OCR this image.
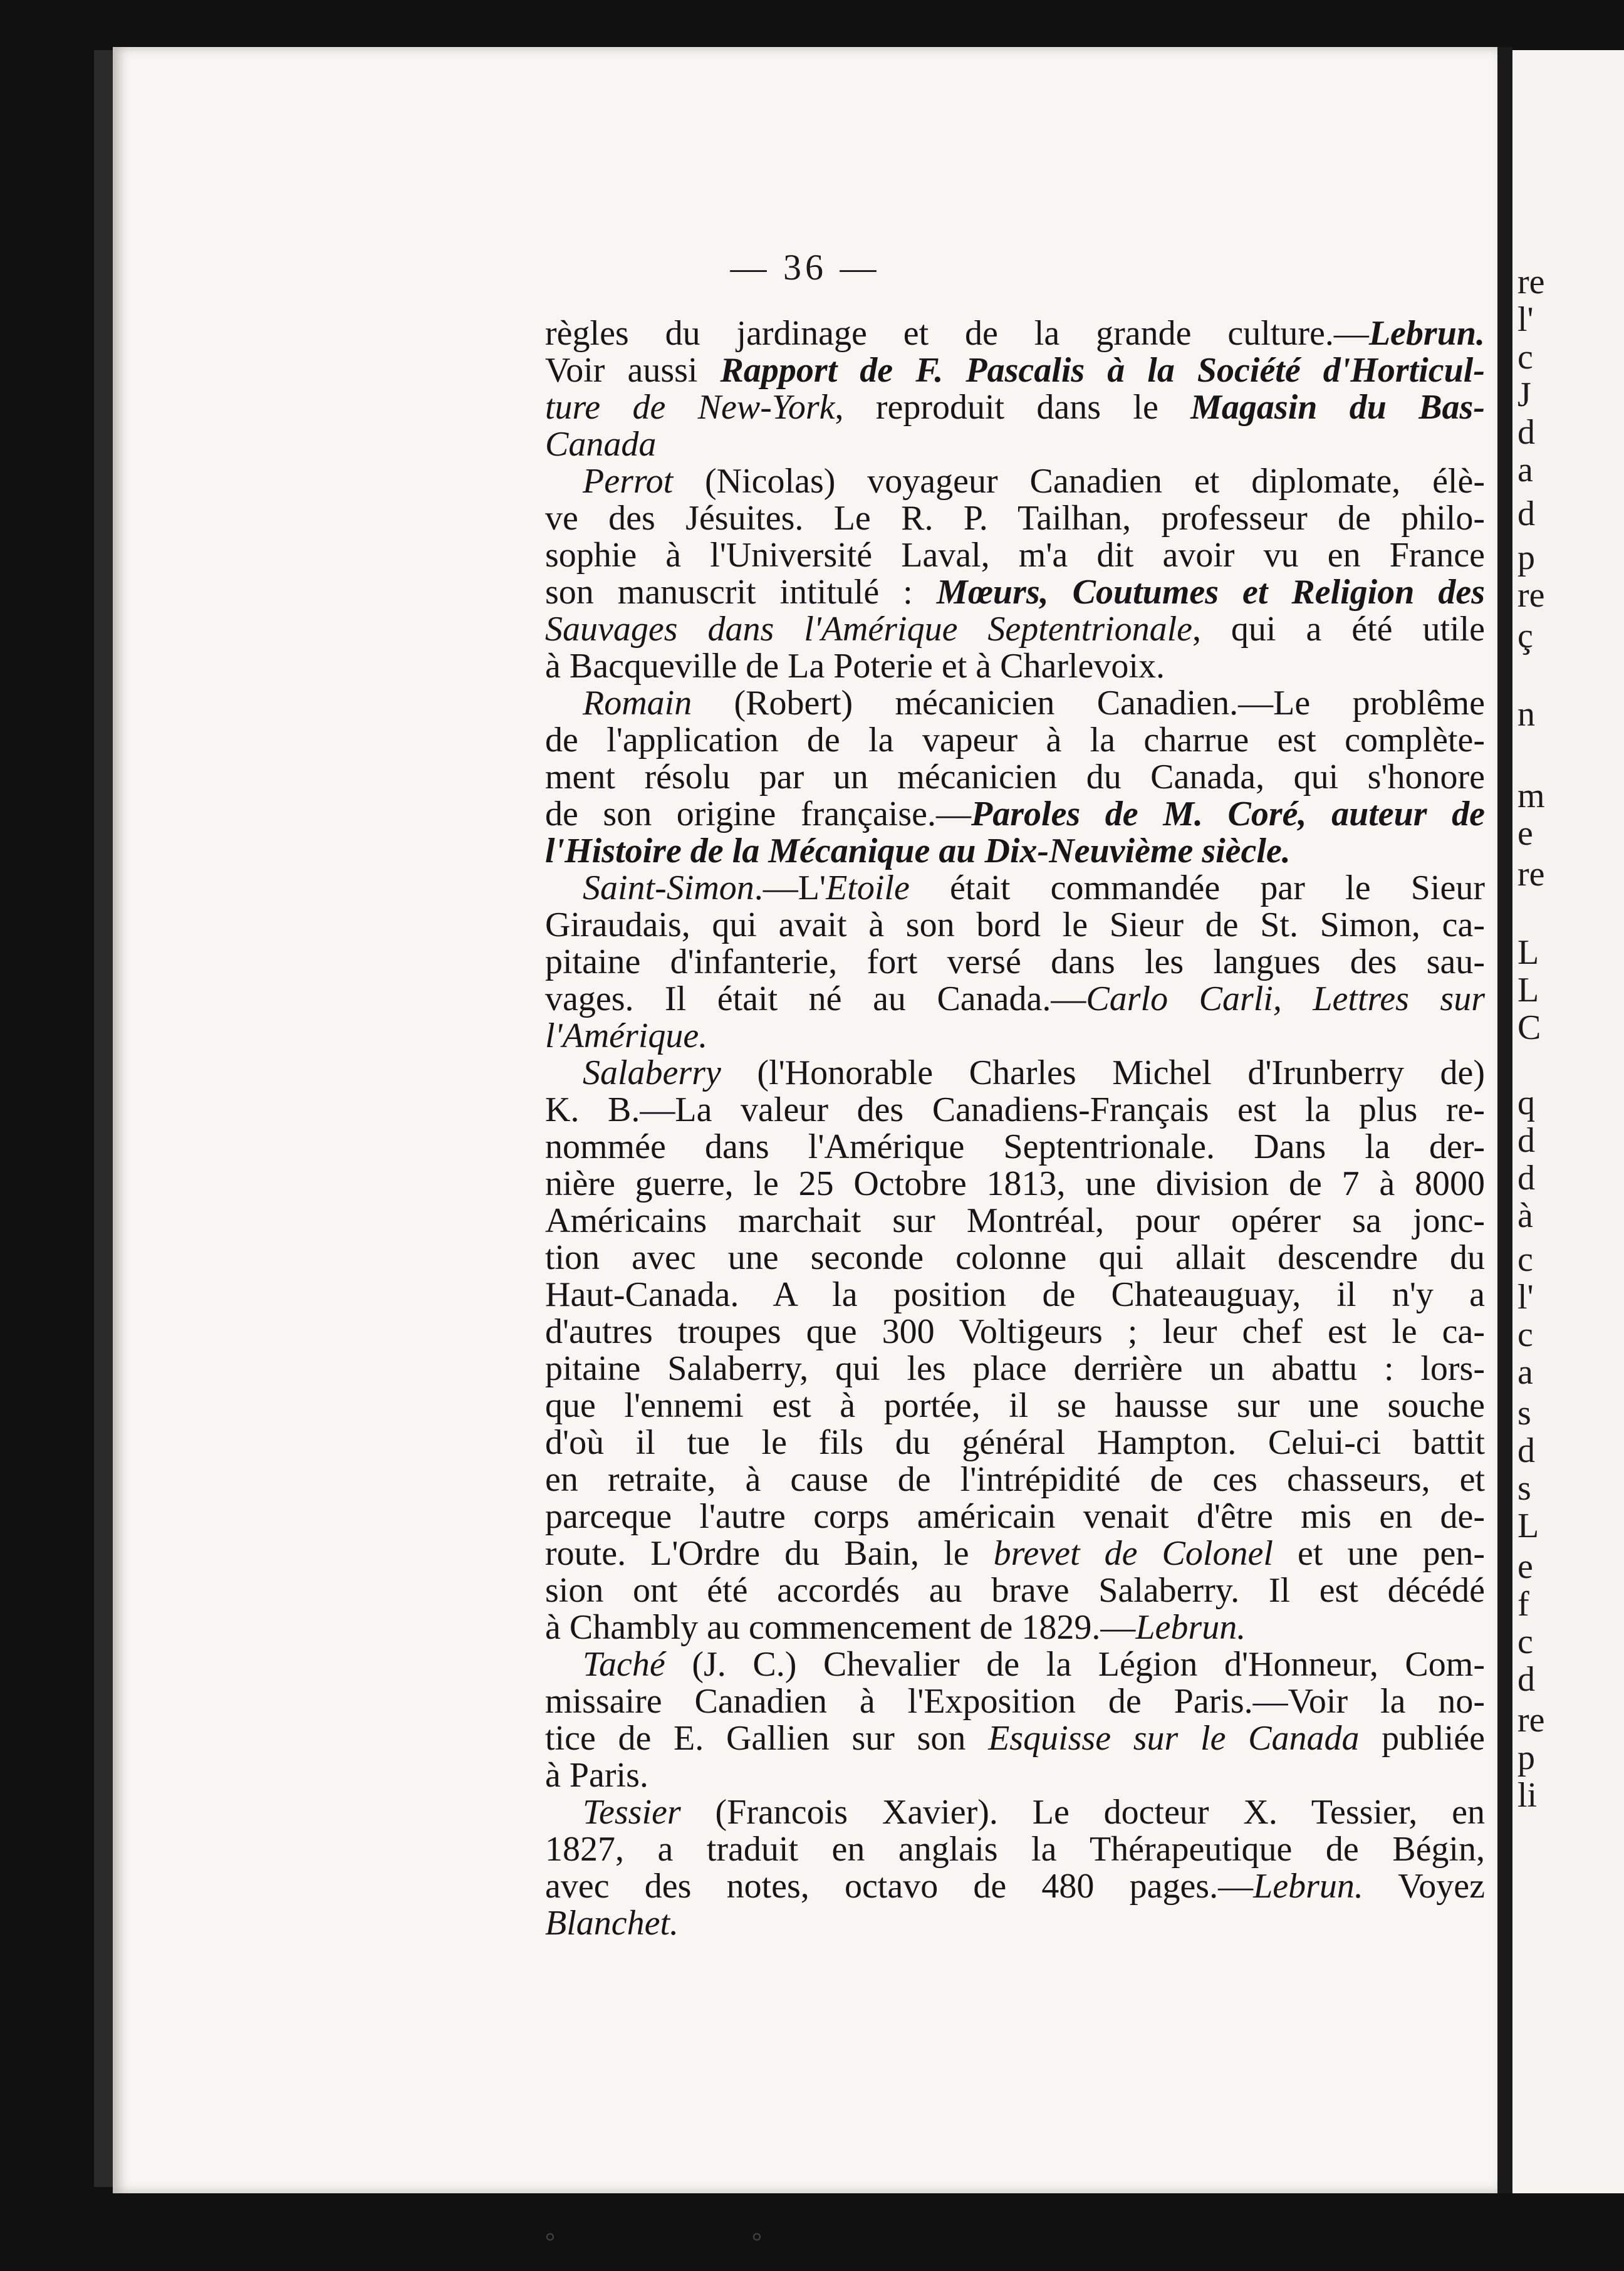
— 36 —
règles du jardinage et de la grande culture.—Lebrun.
Voir aussi Rapport de F. Pascalis à la Société d'Horticul-
ture de New-York, reproduit dans le Magasin du Bas-
Canada
Perrot (Nicolas) voyageur Canadien et diplomate, élè-
ve des Jésuites. Le R. P. Tailhan, professeur de philo-
sophie à l'Université Laval, m'a dit avoir vu en France
son manuscrit intitulé : Mœurs, Coutumes et Religion des
Sauvages dans l'Amérique Septentrionale, qui a été utile
à Bacqueville de La Poterie et à Charlevoix.
Romain (Robert) mécanicien Canadien.—Le problême
de l'application de la vapeur à la charrue est complète-
ment résolu par un mécanicien du Canada, qui s'honore
de son origine française.—Paroles de M. Coré, auteur de
l'Histoire de la Mécanique au Dix-Neuvième siècle.
Saint-Simon.—L'Etoile était commandée par le Sieur
Giraudais, qui avait à son bord le Sieur de St. Simon, ca-
pitaine d'infanterie, fort versé dans les langues des sau-
vages. Il était né au Canada.—Carlo Carli, Lettres sur
l'Amérique.
Salaberry (l'Honorable Charles Michel d'Irunberry de)
K. B.—La valeur des Canadiens-Français est la plus re-
nommée dans l'Amérique Septentrionale. Dans la der-
nière guerre, le 25 Octobre 1813, une division de 7 à 8000
Américains marchait sur Montréal, pour opérer sa jonc-
tion avec une seconde colonne qui allait descendre du
Haut-Canada. A la position de Chateauguay, il n'y a
d'autres troupes que 300 Voltigeurs ; leur chef est le ca-
pitaine Salaberry, qui les place derrière un abattu : lors-
que l'ennemi est à portée, il se hausse sur une souche
d'où il tue le fils du général Hampton. Celui-ci battit
en retraite, à cause de l'intrépidité de ces chasseurs, et
parceque l'autre corps américain venait d'être mis en de-
route. L'Ordre du Bain, le brevet de Colonel et une pen-
sion ont été accordés au brave Salaberry. Il est décédé
à Chambly au commencement de 1829.—Lebrun.
Taché (J. C.) Chevalier de la Légion d'Honneur, Com-
missaire Canadien à l'Exposition de Paris.—Voir la no-
tice de E. Gallien sur son Esquisse sur le Canada publiée
à Paris.
Tessier (Francois Xavier). Le docteur X. Tessier, en
1827, a traduit en anglais la Thérapeutique de Bégin,
avec des notes, octavo de 480 pages.—Lebrun. Voyez
Blanchet.
°	°
re
l'
c
J
d
a
d
p
re
ç
n
m
e
re
L
L
C
q
d
d
à
c
l'
c
a
s
d
s
L
e
f
c
d
re
p
li
